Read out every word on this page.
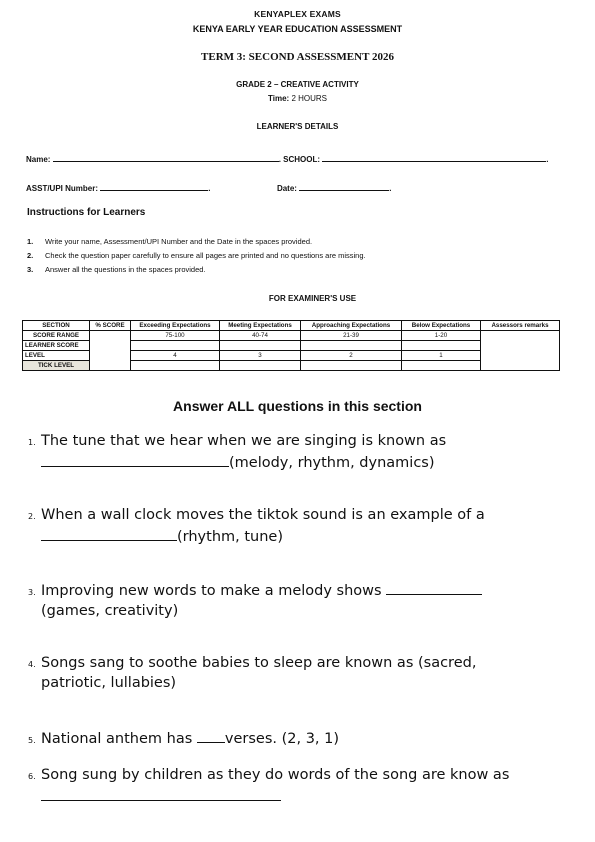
KENYAPLEX EXAMS
KENYA EARLY YEAR EDUCATION ASSESSMENT
TERM 3: SECOND ASSESSMENT 2026
GRADE 2 – CREATIVE ACTIVITY
Time: 2 HOURS
LEARNER'S DETAILS
Name:	. SCHOOL:	.
ASST/UPI Number:	.	Date:	.
Instructions for Learners
1. Write your name, Assessment/UPI Number and the Date in the spaces provided.
2. Check the question paper carefully to ensure all pages are printed and no questions are missing.
3. Answer all the questions in the spaces provided.
FOR EXAMINER'S USE
SECTION	% SCORE	Exceeding Expectations	Meeting Expectations	Approaching Expectations	Below Expectations	Assessors remarks
SCORE RANGE		75-100	40-74	21-39	1-20	
LEARNER SCORE						
LEVEL		4	3	2	1	
TICK LEVEL						
Answer ALL questions in this section
1. The tune that we hear when we are singing is known as
(melody, rhythm, dynamics)
2. When a wall clock moves the tiktok sound is an example of a
(rhythm, tune)
3. Improving new words to make a melody shows
(games, creativity)
4. Songs sang to soothe babies to sleep are known as (sacred,
patriotic, lullabies)
5. National anthem has verses. (2, 3, 1)
6. Song sung by children as they do words of the song are know as
